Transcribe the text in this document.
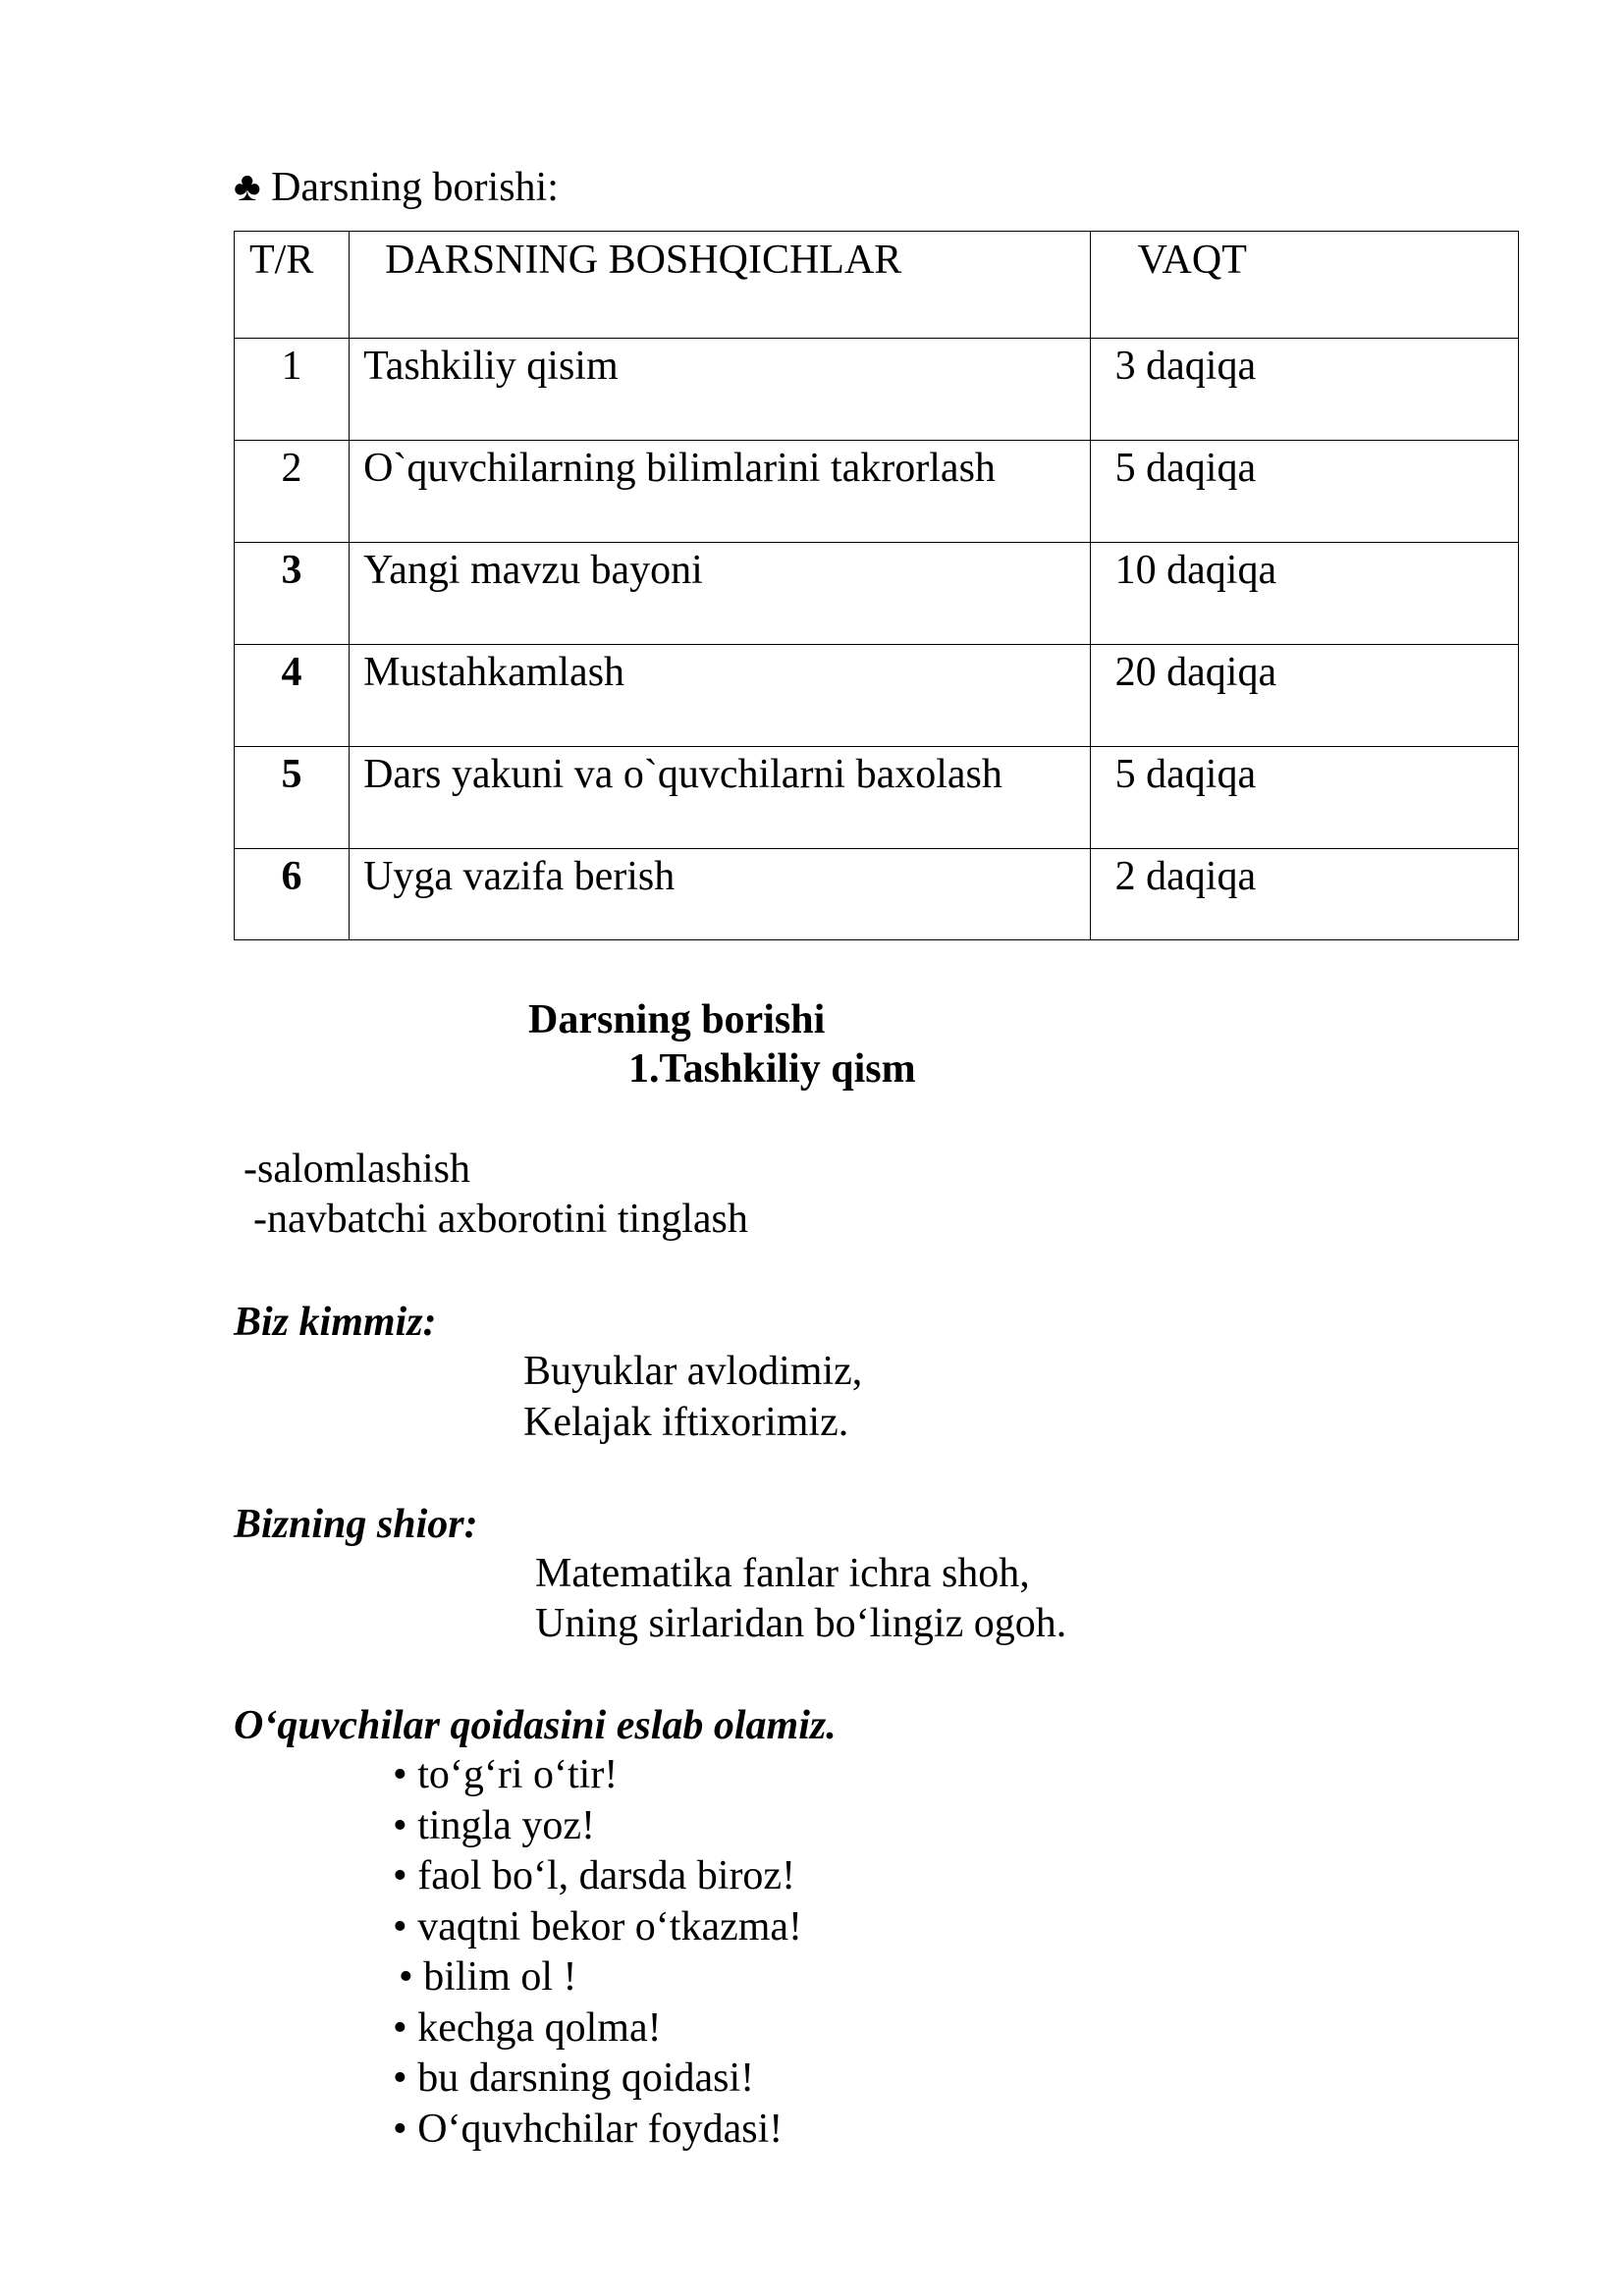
♣ Darsning borishi:
T/R	DARSNING BOSHQICHLAR	VAQT

1	Tashkiliy qisim	3 daqiqa

2	O`quvchilarning bilimlarini takrorlash	5 daqiqa

3	Yangi mavzu bayoni	10 daqiqa

4	Mustahkamlash	20 daqiqa

5	Dars yakuni va o`quvchilarni baxolash	5 daqiqa

6	Uyga vazifa berish	2 daqiqa
Darsning borishi
1.Tashkiliy qism
-salomlashish
-navbatchi axborotini tinglash
Biz kimmiz:
Buyuklar avlodimiz,
Kelajak iftixorimiz.
Bizning shior:
Matematika fanlar ichra shoh,
Uning sirlaridan bo‘lingiz ogoh.
O‘quvchilar qoidasini eslab olamiz.
• to‘g‘ri o‘tir!
• tingla yoz!
• faol bo‘l, darsda biroz!
• vaqtni bekor o‘tkazma!
• bilim ol !
• kechga qolma!
• bu darsning qoidasi!
• O‘quvhchilar foydasi!
